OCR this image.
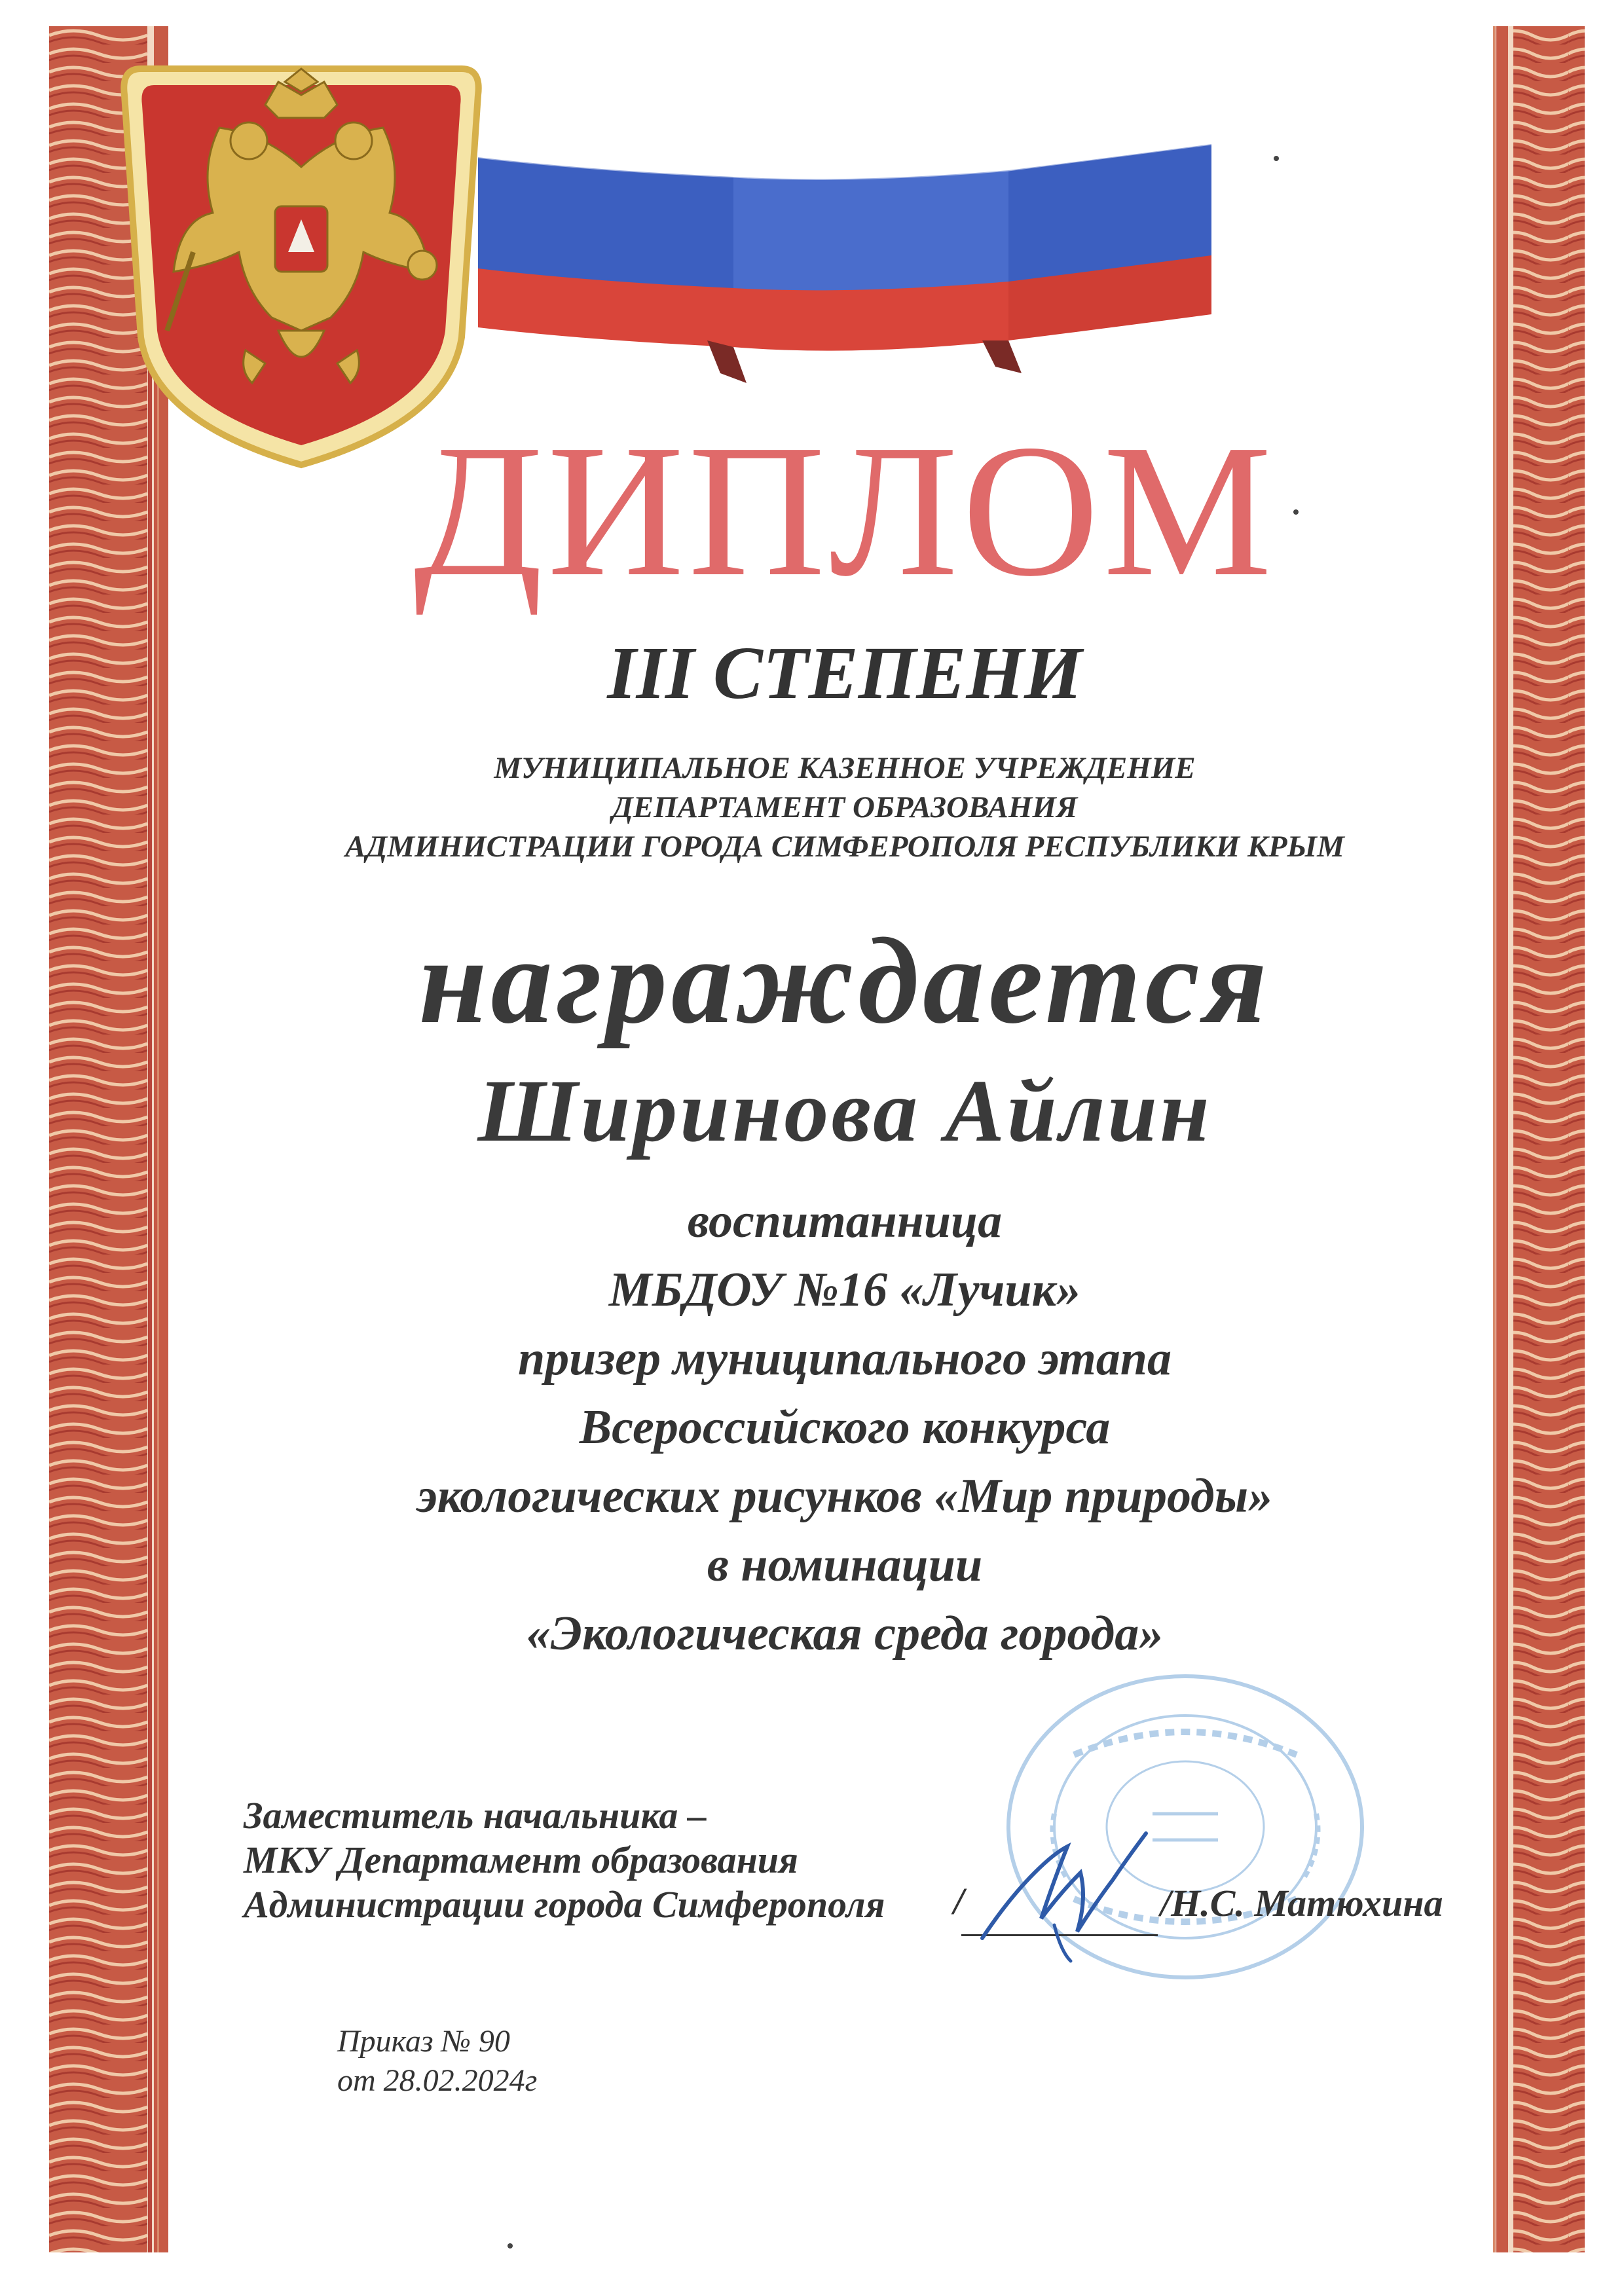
ДИПЛОМ
III СТЕПЕНИ
МУНИЦИПАЛЬНОЕ КАЗЕННОЕ УЧРЕЖДЕНИЕ
ДЕПАРТАМЕНТ ОБРАЗОВАНИЯ
АДМИНИСТРАЦИИ ГОРОДА СИМФЕРОПОЛЯ РЕСПУБЛИКИ КРЫМ
награждается
Ширинова Айлин
воспитанница
МБДОУ №16 «Лучик»
призер муниципального этапа
Всероссийского конкурса
экологических рисунков «Мир природы»
в номинации
«Экологическая среда города»
Заместитель начальника –
МКУ Департамент образования
Администрации города Симферополя /	/Н.С. Матюхина
Приказ № 90
от 28.02.2024г
